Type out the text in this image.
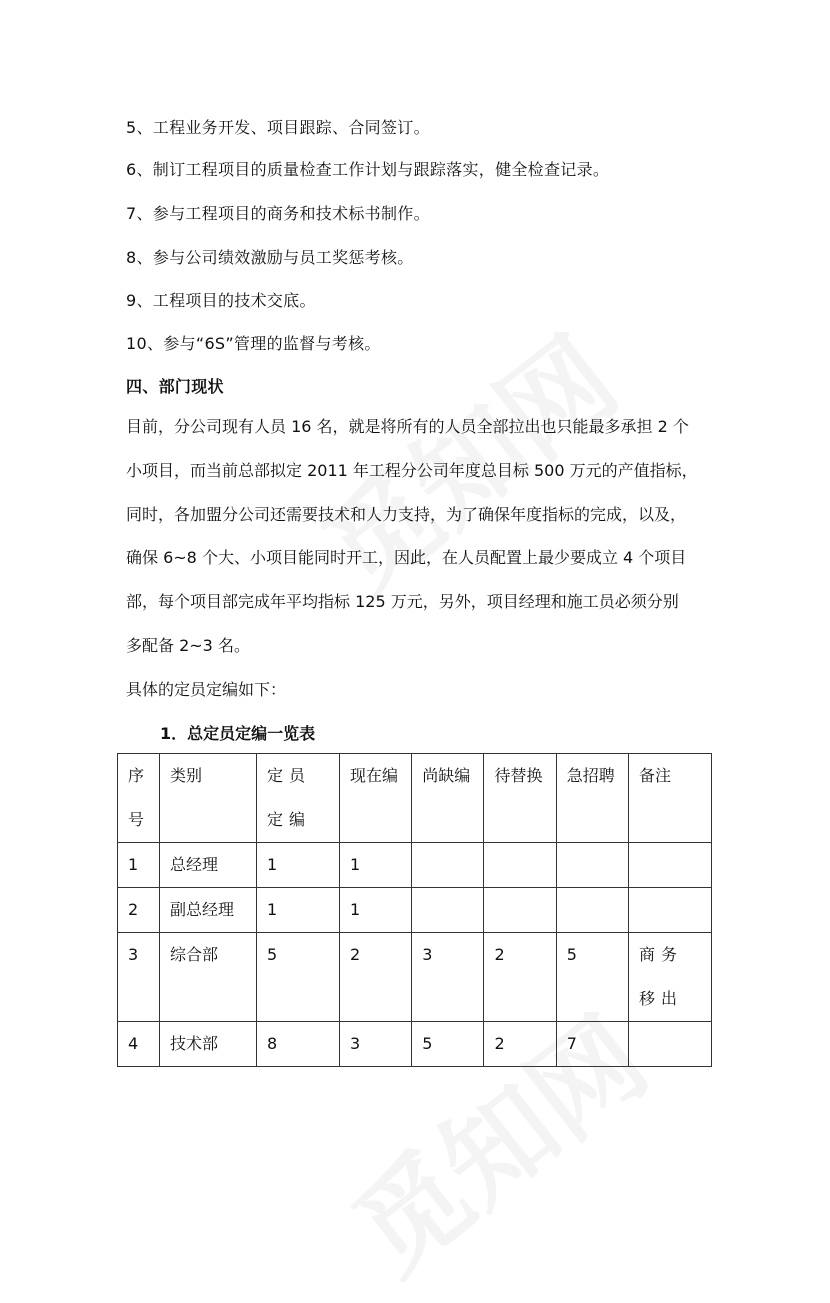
5、工程业务开发、项目跟踪、合同签订。
6、制订工程项目的质量检查工作计划与跟踪落实，健全检查记录。
7、参与工程项目的商务和技术标书制作。
8、参与公司绩效激励与员工奖惩考核。
9、工程项目的技术交底。
10、参与“6S”管理的监督与考核。
四、部门现状
目前，分公司现有人员 16 名，就是将所有的人员全部拉出也只能最多承担 2 个
小项目，而当前总部拟定 2011 年工程分公司年度总目标 500 万元的产值指标，
同时，各加盟分公司还需要技术和人力支持，为了确保年度指标的完成，以及，
确保 6~8 个大、小项目能同时开工，因此，在人员配置上最少要成立 4 个项目
部，每个项目部完成年平均指标 125 万元，另外，项目经理和施工员必须分别
多配备 2~3 名。
具体的定员定编如下：
1．总定员定编一览表
序号	类别	定员定编	现在编	尚缺编	待替换	急招聘	备注

1	总经理	1	1				

2	副总经理	1	1				

3	综合部	5	2	3	2	5	商务移出

4	技术部	8	3	5	2	7	
